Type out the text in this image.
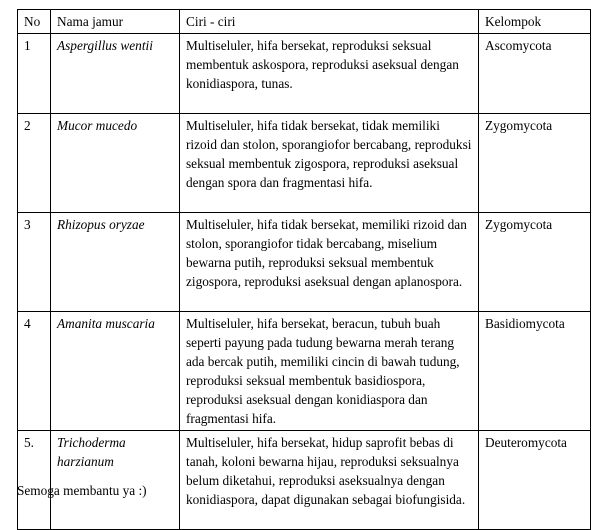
No	Nama jamur	Ciri - ciri	Kelompok

1	Aspergillus wentii	Multiseluler, hifa bersekat, reproduksi seksual membentuk askospora, reproduksi aseksual dengan konidiaspora, tunas.	Ascomycota

2	Mucor mucedo	Multiseluler, hifa tidak bersekat, tidak memiliki rizoid dan stolon, sporangiofor bercabang, reproduksi seksual membentuk zigospora, reproduksi aseksual dengan spora dan fragmentasi hifa.	Zygomycota

3	Rhizopus oryzae	Multiseluler, hifa tidak bersekat, memiliki rizoid dan stolon, sporangiofor tidak bercabang, miselium bewarna putih, reproduksi seksual membentuk zigospora, reproduksi aseksual dengan aplanospora.	Zygomycota

4	Amanita muscaria	Multiseluler, hifa bersekat, beracun, tubuh buah seperti payung pada tudung bewarna merah terang ada bercak putih, memiliki cincin di bawah tudung, reproduksi seksual membentuk basidiospora, reproduksi aseksual dengan konidiaspora dan fragmentasi hifa.	Basidiomycota

5.	Trichoderma harzianum	Multiseluler, hifa bersekat, hidup saprofit bebas di tanah, koloni bewarna hijau, reproduksi seksualnya belum diketahui, reproduksi aseksualnya dengan konidiaspora, dapat digunakan sebagai biofungisida.	Deuteromycota
Semoga membantu ya :)
